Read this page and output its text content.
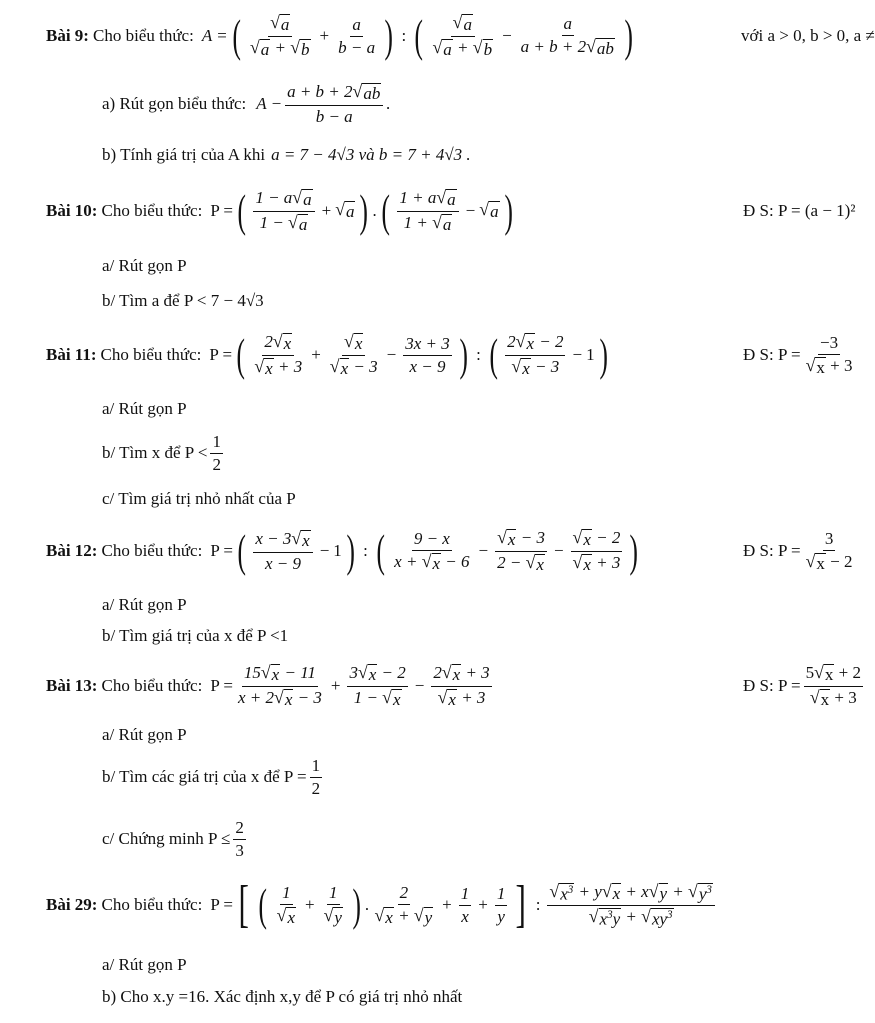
Bài 9: Cho biểu thức: A = ( $\frac{√ a}{√ a + √ b} + \frac{a}{b - a}$ ) : ( $\frac{√ a}{√ a + √ b} - \frac{a}{a + b + 2 √ ab}$ )	với a > 0, b > 0, a ≠
a) Rút gọn biểu thức: $A - \frac{a + b + 2 √ ab}{b - a}$ .
b) Tính giá trị của A khi a = 7 − 4√3 và b = 7 + 4√3 .
Bài 10: Cho biểu thức: P = ( $\frac{1 - a √ a}{1 - √ a}$ + √ a ) . ( $\frac{1 + a √ a}{1 + √ a}$ − √ a )	Đ S: P = (a − 1)²
a/ Rút gọn P
b/ Tìm a để P < 7 − 4√3
Bài 11: Cho biểu thức: P = ( $\frac{2 √ x}{√ x + 3} + \frac{√ x}{√ x - 3} - \frac{3x + 3}{x - 9}$ ) : ( $\frac{2 √ x - 2}{√ x - 3} - 1$ )	Đ S: $P = \frac{-3}{√ x + 3}$
a/ Rút gọn P
b/ Tìm x để $P < \frac{1}{2}$
c/ Tìm giá trị nhỏ nhất của P
Bài 12: Cho biểu thức: P = ( $\frac{x - 3 √ x}{x - 9} - 1$ ) : ( $\frac{9 - x}{x + √ x - 6} - \frac{√ x - 3}{2 - √ x} - \frac{√ x - 2}{√ x + 3}$ )	Đ S: $P = \frac{3}{√ x - 2}$
a/ Rút gọn P
b/ Tìm giá trị của x để P <1
Bài 13: Cho biểu thức: $P = \frac{15 √ x - 11}{x + 2 √ x - 3} + \frac{3 √ x - 2}{1 - √ x} - \frac{2 √ x + 3}{√ x + 3}$	Đ S: $P = \frac{5 √ x + 2}{√ x + 3}$
a/ Rút gọn P
b/ Tìm các giá trị của x để $P = \frac{1}{2}$
c/ Chứng minh $P \le \frac{2}{3}$
Bài 29: Cho biểu thức: P = [ ( $\frac{1}{√ x} + \frac{1}{√ y}$ ) . $\frac{2}{√ x + √ y} + \frac{1}{x} + \frac{1}{y}$ ] : $\frac{√ x^3 + y √ x + x √ y + √ y^3}{√ x^3y + √ xy^3}$
a/ Rút gọn P
b) Cho x.y =16. Xác định x,y để P có giá trị nhỏ nhất
